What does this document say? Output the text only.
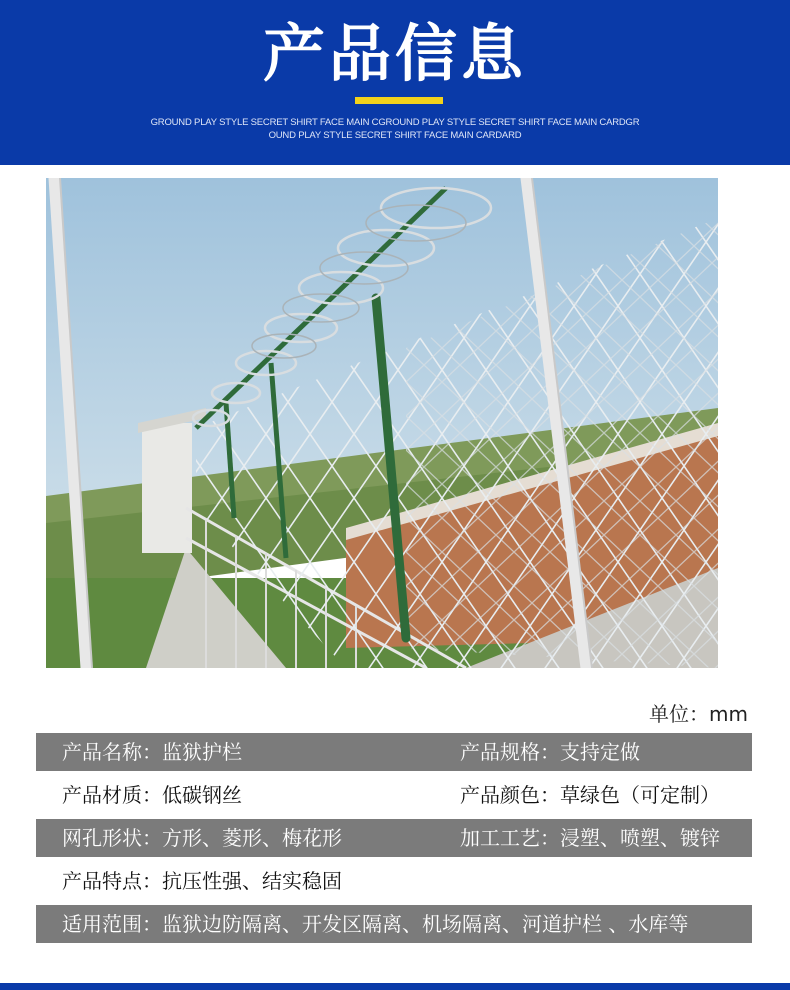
产品信息
GROUND PLAY STYLE SECRET SHIRT FACE MAIN CGROUND PLAY STYLE SECRET SHIRT FACE MAIN CARDGR
OUND PLAY STYLE SECRET SHIRT FACE MAIN CARDARD
单位：mm
产品名称：监狱护栏	产品规格：支持定做
产品材质：低碳钢丝	产品颜色：草绿色（可定制）
网孔形状：方形、菱形、梅花形	加工工艺：浸塑、喷塑、镀锌
产品特点：抗压性强、结实稳固
适用范围：监狱边防隔离、开发区隔离、机场隔离、河道护栏 、水库等
